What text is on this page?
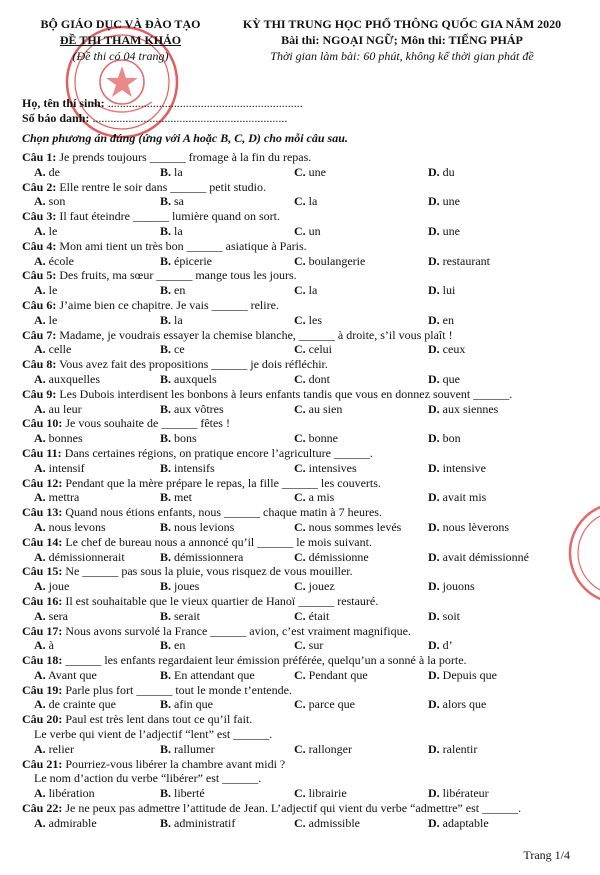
BỘ GIÁO DỤC VÀ ĐÀO TẠO
ĐỀ THI THAM KHẢO
(Đề thi có 04 trang)
KỲ THI TRUNG HỌC PHỔ THÔNG QUỐC GIA NĂM 2020
Bài thi: NGOẠI NGỮ; Môn thi: TIẾNG PHÁP
Thời gian làm bài: 60 phút, không kể thời gian phát đề
Họ, tên thí sinh: .................................................................
Số báo danh: .................................................................
Chọn phương án đúng (ứng với A hoặc B, C, D) cho mỗi câu sau.
Câu 1: Je prends toujours ______ fromage à la fin du repas.
A. de	B. la	C. une	D. du
Câu 2: Elle rentre le soir dans ______ petit studio.
A. son	B. sa	C. la	D. une
Câu 3: Il faut éteindre ______ lumière quand on sort.
A. le	B. la	C. un	D. une
Câu 4: Mon ami tient un très bon ______ asiatique à Paris.
A. école	B. épicerie	C. boulangerie	D. restaurant
Câu 5: Des fruits, ma sœur ______ mange tous les jours.
A. le	B. en	C. la	D. lui
Câu 6: J’aime bien ce chapitre. Je vais ______ relire.
A. le	B. la	C. les	D. en
Câu 7: Madame, je voudrais essayer la chemise blanche, ______ à droite, s’il vous plaît !
A. celle	B. ce	C. celui	D. ceux
Câu 8: Vous avez fait des propositions ______ je dois réfléchir.
A. auxquelles	B. auxquels	C. dont	D. que
Câu 9: Les Dubois interdisent les bonbons à leurs enfants tandis que vous en donnez souvent ______.
A. au leur	B. aux vôtres	C. au sien	D. aux siennes
Câu 10: Je vous souhaite de ______ fêtes !
A. bonnes	B. bons	C. bonne	D. bon
Câu 11: Dans certaines régions, on pratique encore l’agriculture ______.
A. intensif	B. intensifs	C. intensives	D. intensive
Câu 12: Pendant que la mère prépare le repas, la fille ______ les couverts.
A. mettra	B. met	C. a mis	D. avait mis
Câu 13: Quand nous étions enfants, nous ______ chaque matin à 7 heures.
A. nous levons	B. nous levions	C. nous sommes levés D. nous lèverons
Câu 14: Le chef de bureau nous a annoncé qu’il ______ le mois suivant.
A. démissionnerait	B. démissionnera	C. démissionne	D. avait démissionné
Câu 15: Ne ______ pas sous la pluie, vous risquez de vous mouiller.
A. joue	B. joues	C. jouez	D. jouons
Câu 16: Il est souhaitable que le vieux quartier de Hanoï ______ restauré.
A. sera	B. serait	C. était	D. soit
Câu 17: Nous avons survolé la France ______ avion, c’est vraiment magnifique.
A. à	B. en	C. sur	D. d’
Câu 18: ______ les enfants regardaient leur émission préférée, quelqu’un a sonné à la porte.
A. Avant que	B. En attendant que	C. Pendant que	D. Depuis que
Câu 19: Parle plus fort ______ tout le monde t’entende.
A. de crainte que	B. afin que	C. parce que	D. alors que
Câu 20: Paul est très lent dans tout ce qu’il fait.
Le verbe qui vient de l’adjectif “lent” est ______.
A. relier	B. rallumer	C. rallonger	D. ralentir
Câu 21: Pourriez-vous libérer la chambre avant midi ?
Le nom d’action du verbe “libérer” est ______.
A. libération	B. liberté	C. librairie	D. libérateur
Câu 22: Je ne peux pas admettre l’attitude de Jean. L’adjectif qui vient du verbe “admettre” est ______.
A. admirable	B. administratif	C. admissible	D. adaptable
Trang 1/4
